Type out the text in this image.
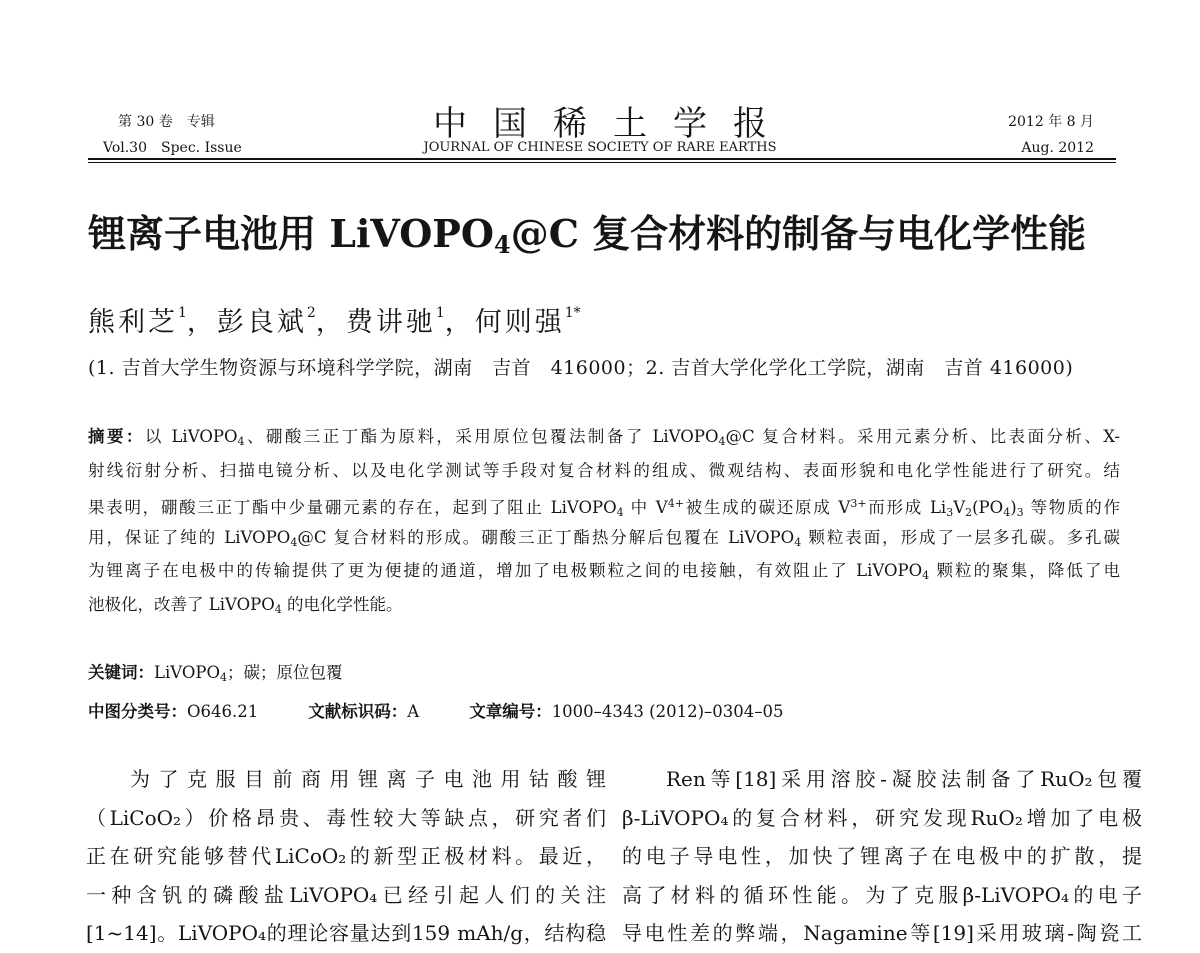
第 30 卷　专辑
Vol.30　Spec. Issue
中国稀土学报
JOURNAL OF CHINESE SOCIETY OF RARE EARTHS
2012 年 8 月
Aug. 2012
锂离子电池用 LiVOPO$_4$@C 复合材料的制备与电化学性能
熊利芝$^1$，彭良斌$^2$，费讲驰$^1$，何则强$^{1*}$
(1. 吉首大学生物资源与环境科学学院，湖南　吉首　416000；2. 吉首大学化学化工学院，湖南　吉首 416000)
摘要：以 LiVOPO$_4$、硼酸三正丁酯为原料，采用原位包覆法制备了 LiVOPO$_4$@C 复合材料。采用元素分析、比表面分析、X-
射线衍射分析、扫描电镜分析、以及电化学测试等手段对复合材料的组成、微观结构、表面形貌和电化学性能进行了研究。结
果表明，硼酸三正丁酯中少量硼元素的存在，起到了阻止 LiVOPO$_4$ 中 $V^{4+}$被生成的碳还原成 $V^{3+}$而形成 $Li_3V_2(PO_4)_3$ 等物质的作
用，保证了纯的 LiVOPO$_4$@C 复合材料的形成。硼酸三正丁酯热分解后包覆在 LiVOPO$_4$ 颗粒表面，形成了一层多孔碳。多孔碳
为锂离子在电极中的传输提供了更为便捷的通道，增加了电极颗粒之间的电接触，有效阻止了 LiVOPO$_4$ 颗粒的聚集，降低了电
池极化，改善了 LiVOPO$_4$ 的电化学性能。
关键词：LiVOPO$_4$；碳；原位包覆
中图分类号：O646.21	文献标识码：A	文章编号：1000–4343 (2012)–0304–05
为了克服目前商用锂离子电池用钴酸锂
（LiCoO₂）价格昂贵、毒性较大等缺点，研究者们
正在研究能够替代LiCoO₂的新型正极材料。最近，
一种含钒的磷酸盐LiVOPO₄已经引起人们的关注
[1~14]。LiVOPO₄的理论容量达到159 mAh/g，结构稳
Ren等[18]采用溶胶-凝胶法制备了RuO₂包覆
β-LiVOPO₄的复合材料，研究发现RuO₂增加了电极
的电子导电性，加快了锂离子在电极中的扩散，提
高了材料的循环性能。为了克服β-LiVOPO₄的电子
导电性差的弊端，Nagamine等[19]采用玻璃-陶瓷工
